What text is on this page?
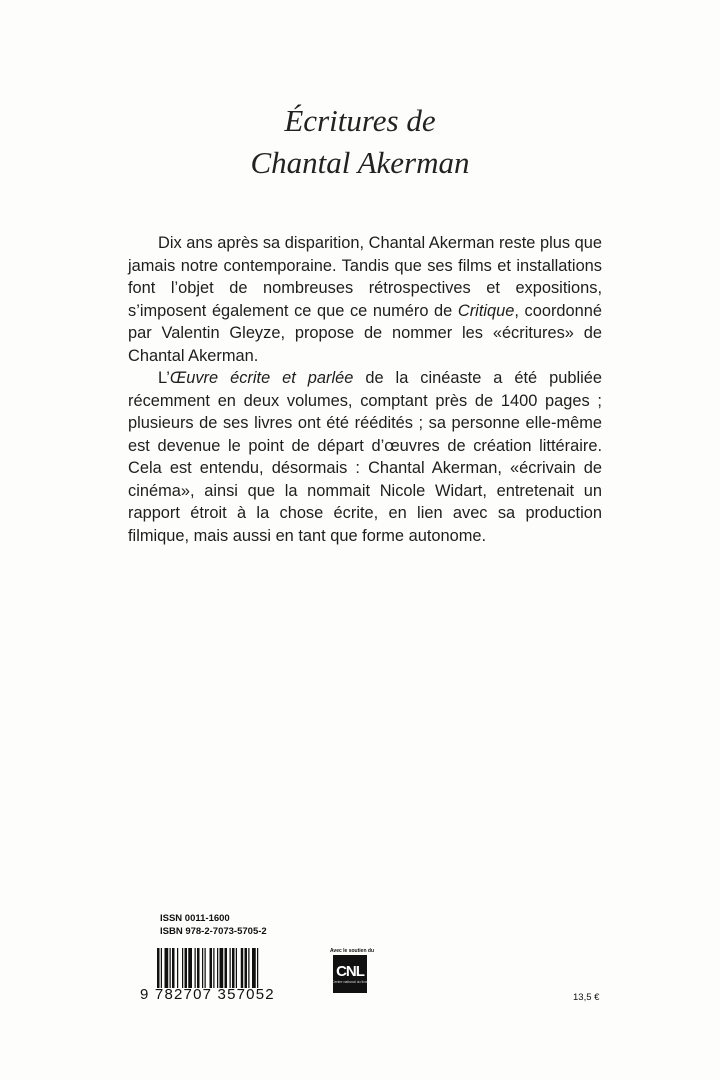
Écritures de
Chantal Akerman

Dix ans après sa disparition, Chantal Akerman reste plus que jamais notre contemporaine. Tandis que ses films et installations font l’objet de nombreuses rétrospectives et expositions, s’imposent également ce que ce numéro de Critique, coordonné par Valentin Gleyze, propose de nommer les «écritures» de Chantal Akerman.

L’Œuvre écrite et parlée de la cinéaste a été publiée récemment en deux volumes, comptant près de 1400 pages ; plusieurs de ses livres ont été réédités ; sa personne elle-même est devenue le point de départ d’œuvres de création littéraire. Cela est entendu, désormais : Chantal Akerman, «écrivain de cinéma», ainsi que la nommait Nicole Widart, entretenait un rapport étroit à la chose écrite, en lien avec sa production filmique, mais aussi en tant que forme autonome.

ISSN 0011-1600
ISBN 978-2-7073-5705-2
9 782707 357052
Avec le soutien du
CNL
Centre national du livre
13,5 €
